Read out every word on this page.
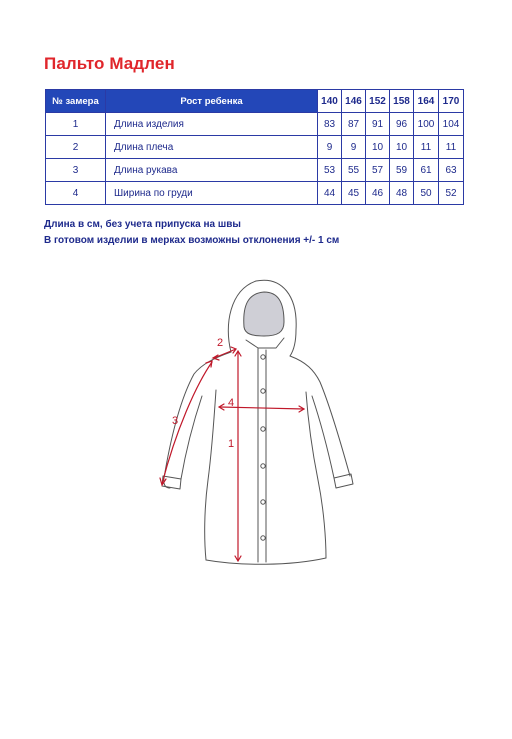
Пальто Мадлен
№ замера	Рост ребенка	140	146	152	158	164	170
1	Длина изделия	83	87	91	96	100	104
2	Длина плеча	9	9	10	10	11	11
3	Длина рукава	53	55	57	59	61	63
4	Ширина по груди	44	45	46	48	50	52
Длина в см, без учета припуска на швы
В готовом изделии в мерках возможны отклонения +/- 1 см
1
2
3
4
